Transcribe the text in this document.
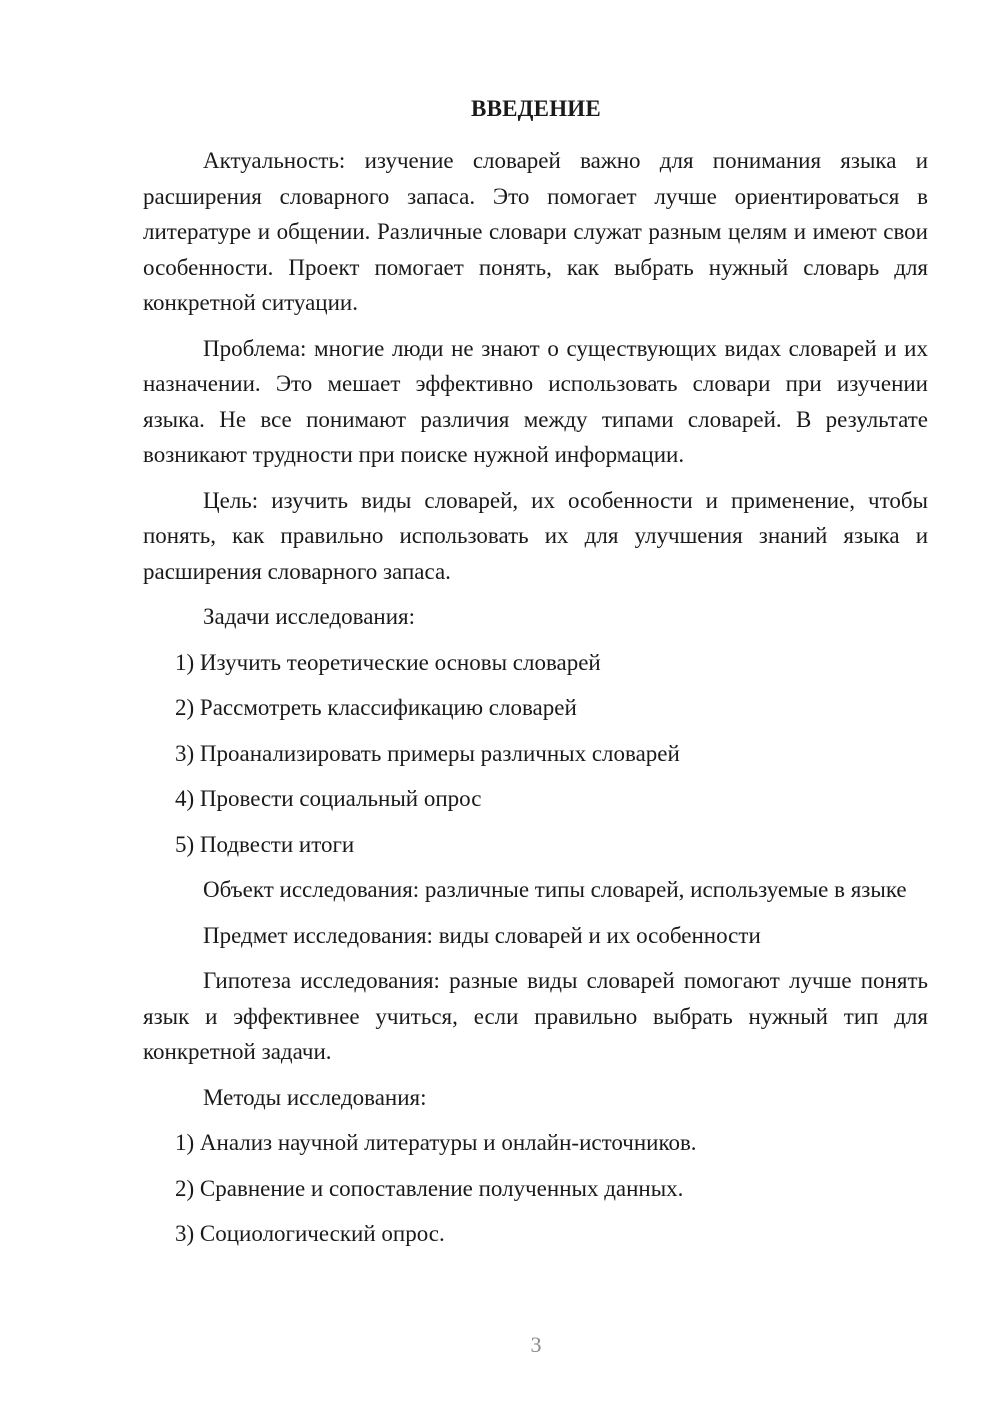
ВВЕДЕНИЕ

Актуальность: изучение словарей важно для понимания языка и расширения словарного запаса. Это помогает лучше ориентироваться в литературе и общении. Различные словари служат разным целям и имеют свои особенности. Проект помогает понять, как выбрать нужный словарь для конкретной ситуации.

Проблема: многие люди не знают о существующих видах словарей и их назначении. Это мешает эффективно использовать словари при изучении языка. Не все понимают различия между типами словарей. В результате возникают трудности при поиске нужной информации.

Цель: изучить виды словарей, их особенности и применение, чтобы понять, как правильно использовать их для улучшения знаний языка и расширения словарного запаса.

Задачи исследования:

1) Изучить теоретические основы словарей
2) Рассмотреть классификацию словарей
3) Проанализировать примеры различных словарей
4) Провести социальный опрос
5) Подвести итоги

Объект исследования: различные типы словарей, используемые в языке

Предмет исследования: виды словарей и их особенности

Гипотеза исследования: разные виды словарей помогают лучше понять язык и эффективнее учиться, если правильно выбрать нужный тип для конкретной задачи.

Методы исследования:

1) Анализ научной литературы и онлайн-источников.
2) Сравнение и сопоставление полученных данных.
3) Социологический опрос.
3
